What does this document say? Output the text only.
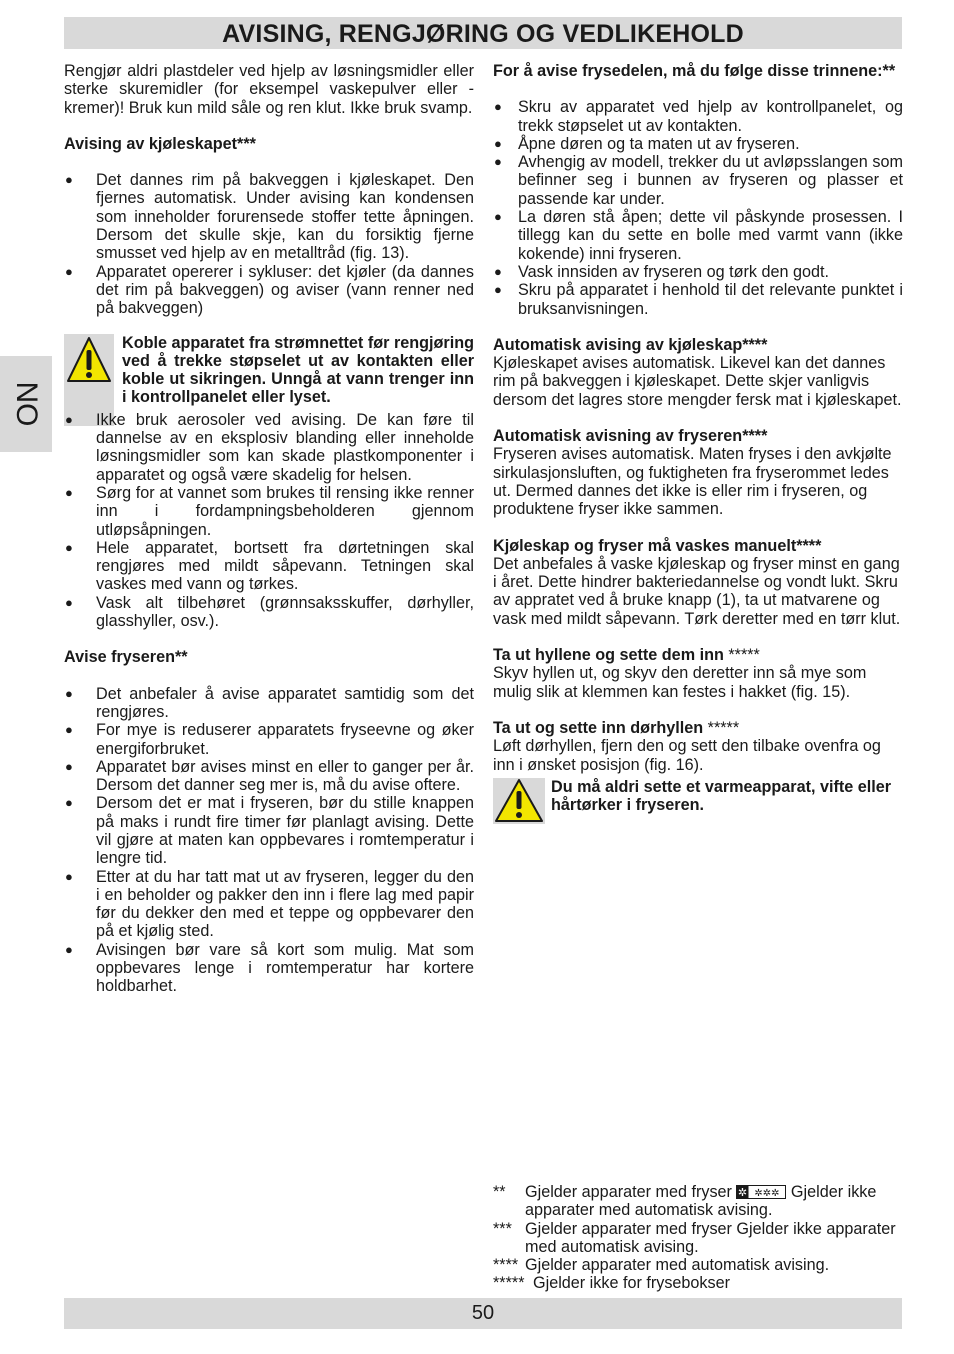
AVISING, RENGJØRING OG VEDLIKEHOLD
NO

Rengjør aldri plastdeler ved hjelp av løsningsmidler eller sterke skuremidler (for eksempel vaskepulver eller -kremer)! Bruk kun mild såle og ren klut. Ikke bruk svamp.

Avising av kjøleskapet***

● Det dannes rim på bakveggen i kjøleskapet. Den fjernes automatisk. Under avising kan kondensen som inneholder forurensede stoffer tette åpningen. Dersom det skulle skje, kan du forsiktig fjerne smusset ved hjelp av en metalltråd (fig. 13).
● Apparatet opererer i sykluser: det kjøler (da dannes det rim på bakveggen) og aviser (vann renner ned på bakveggen)

Koble apparatet fra strømnettet før rengjøring ved å trekke støpselet ut av kontakten eller koble ut sikringen. Unngå at vann trenger inn i kontrollpanelet eller lyset.

● Ikke bruk aerosoler ved avising. De kan føre til dannelse av en eksplosiv blanding eller inneholde løsningsmidler som kan skade plastkomponenter i apparatet og også være skadelig for helsen.
● Sørg for at vannet som brukes til rensing ikke renner inn i fordampningsbeholderen gjennom utløpsåpningen.
● Hele apparatet, bortsett fra dørtetningen skal rengjøres med mildt såpevann. Tetningen skal vaskes med vann og tørkes.
● Vask alt tilbehøret (grønnsaksskuffer, dørhyller, glasshyller, osv.).

Avise fryseren**

● Det anbefaler å avise apparatet samtidig som det rengjøres.
● For mye is reduserer apparatets fryseevne og øker energiforbruket.
● Apparatet bør avises minst en eller to ganger per år. Dersom det danner seg mer is, må du avise oftere.
● Dersom det er mat i fryseren, bør du stille knappen på maks i rundt fire timer før planlagt avising. Dette vil gjøre at maten kan oppbevares i romtemperatur i lengre tid.
● Etter at du har tatt mat ut av fryseren, legger du den i en beholder og pakker den inn i flere lag med papir før du dekker den med et teppe og oppbevarer den på et kjølig sted.
● Avisingen bør vare så kort som mulig. Mat som oppbevares lenge i romtemperatur har kortere holdbarhet.

For å avise frysedelen, må du følge disse trinnene:**

● Skru av apparatet ved hjelp av kontrollpanelet, og trekk støpselet ut av kontakten.
● Åpne døren og ta maten ut av fryseren.
● Avhengig av modell, trekker du ut avløpsslangen som befinner seg i bunnen av fryseren og plasser et passende kar under.
● La døren stå åpen; dette vil påskynde prosessen. I tillegg kan du sette en bolle med varmt vann (ikke kokende) inni fryseren.
● Vask innsiden av fryseren og tørk den godt.
● Skru på apparatet i henhold til det relevante punktet i bruksanvisningen.

Automatisk avising av kjøleskap****

Kjøleskapet avises automatisk. Likevel kan det dannes rim på bakveggen i kjøleskapet. Dette skjer vanligvis dersom det lagres store mengder fersk mat i kjøleskapet.

Automatisk avisning av fryseren****

Fryseren avises automatisk. Maten fryses i den avkjølte sirkulasjonsluften, og fuktigheten fra fryserommet ledes ut. Dermed dannes det ikke is eller rim i fryseren, og produktene fryser ikke sammen.

Kjøleskap og fryser må vaskes manuelt****

Det anbefales å vaske kjøleskap og fryser minst en gang i året. Dette hindrer bakteriedannelse og vondt lukt. Skru av appratet ved å bruke knapp (1), ta ut matvarene og vask med mildt såpevann. Tørk deretter med en tørr klut.

Ta ut hyllene og sette dem inn *****

Skyv hyllen ut, og skyv den deretter inn så mye som mulig slik at klemmen kan festes i hakket (fig. 15).

Ta ut og sette inn dørhyllen *****

Løft dørhyllen, fjern den og sett den tilbake ovenfra og inn i ønsket posisjon (fig. 16).

Du må aldri sette et varmeapparat, vifte eller hårtørker i fryseren.

** Gjelder apparater med fryser ✲ ✲✲✲ Gjelder ikke apparater med automatisk avising.
*** Gjelder apparater med fryser Gjelder ikke apparater med automatisk avising.
**** Gjelder apparater med automatisk avising.
***** Gjelder ikke for frysebokser
50
